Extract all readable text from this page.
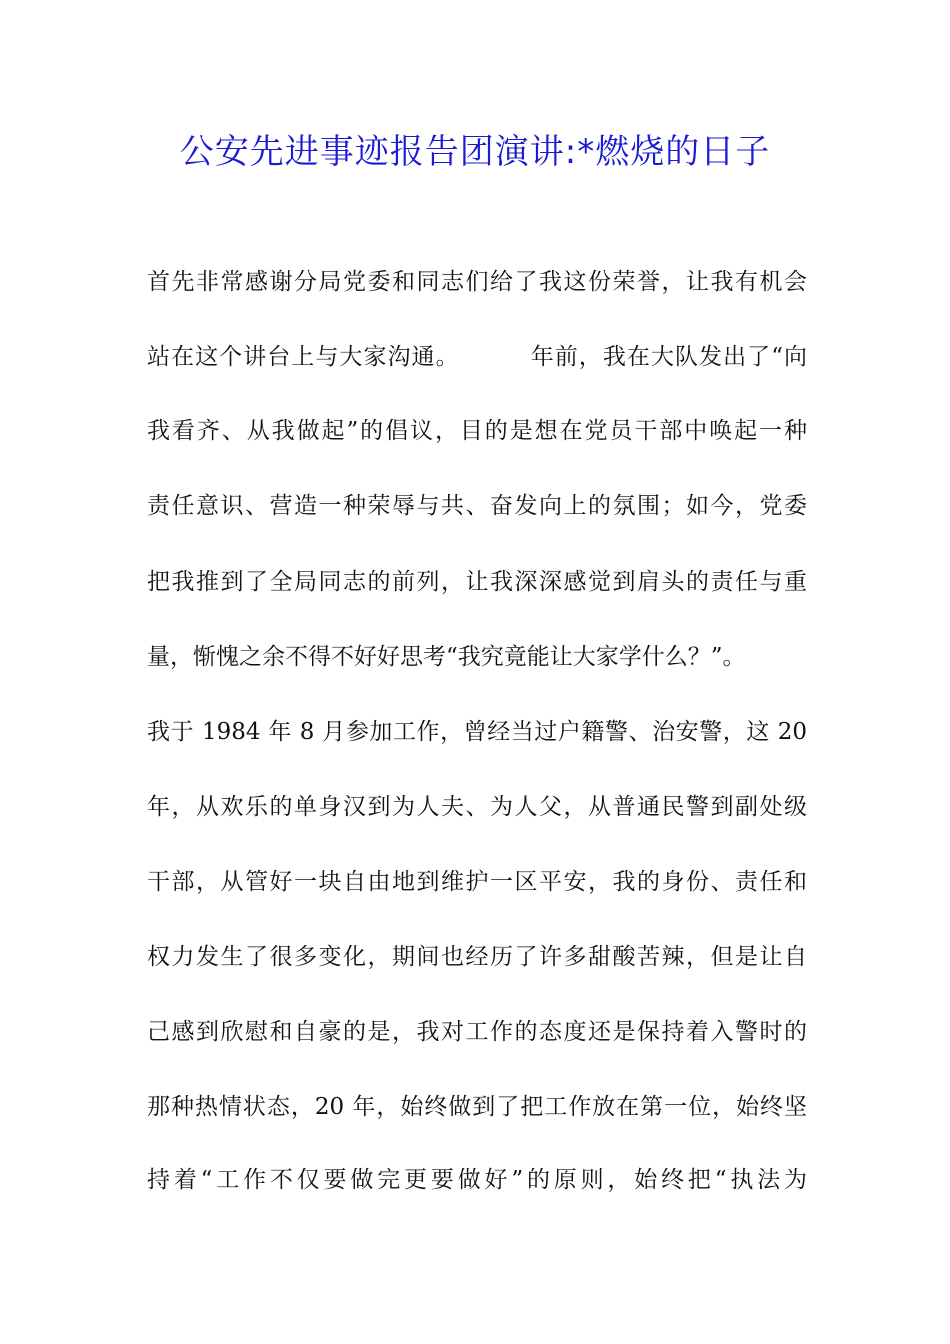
公安先进事迹报告团演讲:*燃烧的日子
首先非常感谢分局党委和同志们给了我这份荣誉，让我有机会
站在这个讲台上与大家沟通。	年前，我在大队发出了“向
我看齐、从我做起”的倡议，目的是想在党员干部中唤起一种
责任意识、营造一种荣辱与共、奋发向上的氛围；如今，党委
把我推到了全局同志的前列，让我深深感觉到肩头的责任与重
量，惭愧之余不得不好好思考“我究竟能让大家学什么？”。
我于 1984 年 8 月参加工作，曾经当过户籍警、治安警，这 20
年，从欢乐的单身汉到为人夫、为人父，从普通民警到副处级
干部，从管好一块自由地到维护一区平安，我的身份、责任和
权力发生了很多变化，期间也经历了许多甜酸苦辣，但是让自
己感到欣慰和自豪的是，我对工作的态度还是保持着入警时的
那种热情状态，20 年，始终做到了把工作放在第一位，始终坚
持着“工作不仅要做完更要做好”的原则，始终把“执法为
